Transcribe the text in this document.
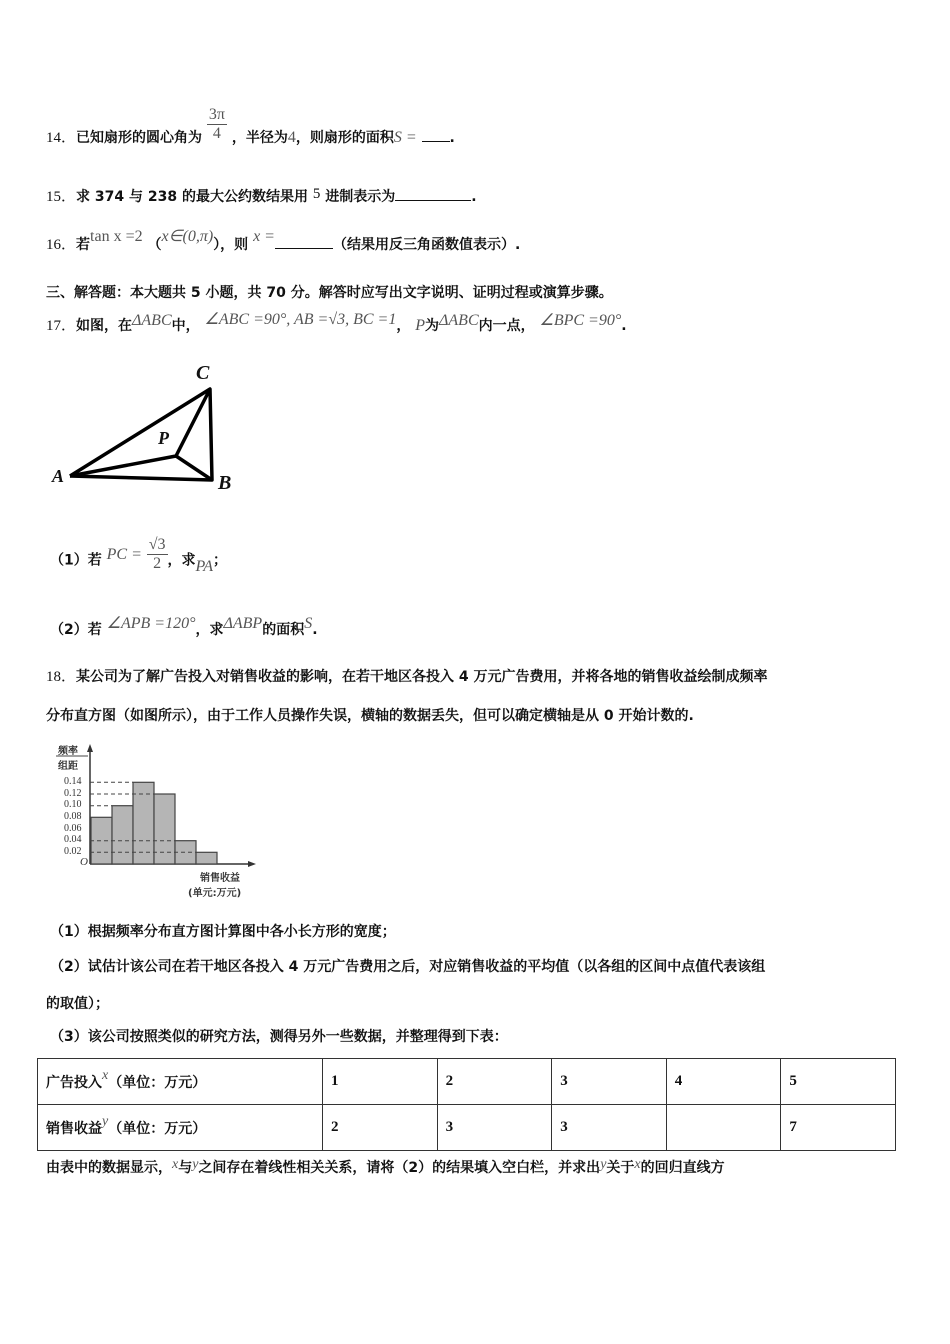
14．已知扇形的圆心角为 $\frac{3\pi}{4}$ ，半径为4，则扇形的面积S = .
15．求 374 与 238 的最大公约数结果用 5 进制表示为	.
16．若tan x =2 （x∈(0,π)），则 x =	（结果用反三角函数值表示）.
三、解答题：本大题共 5 小题，共 70 分。解答时应写出文字说明、证明过程或演算步骤。
17．如图，在ΔABC中， ∠ABC =90°, AB =√3, BC =1， P为ΔABC内一点， ∠BPC =90°.
C
P
A	B
（1）若 PC = $\frac{√3}{2}$ ，求PA；
（2）若 ∠APB =120°，求ΔABP的面积S.
18．某公司为了解广告投入对销售收益的影响，在若干地区各投入 4 万元广告费用，并将各地的销售收益绘制成频率
分布直方图（如图所示），由于工作人员操作失误，横轴的数据丢失，但可以确定横轴是从 0 开始计数的.
频率
组距
0.14
0.12
0.10
0.08
0.06
0.04
0.02
O
销售收益
(单元:万元)
（1）根据频率分布直方图计算图中各小长方形的宽度；
（2）试估计该公司在若干地区各投入 4 万元广告费用之后，对应销售收益的平均值（以各组的区间中点值代表该组
的取值）；
（3）该公司按照类似的研究方法，测得另外一些数据，并整理得到下表：
广告投入x（单位：万元）	1	2	3	4	5
销售收益y（单位：万元）	2	3	3		7
由表中的数据显示，x与y之间存在着线性相关关系，请将（2）的结果填入空白栏，并求出y关于x的回归直线方
